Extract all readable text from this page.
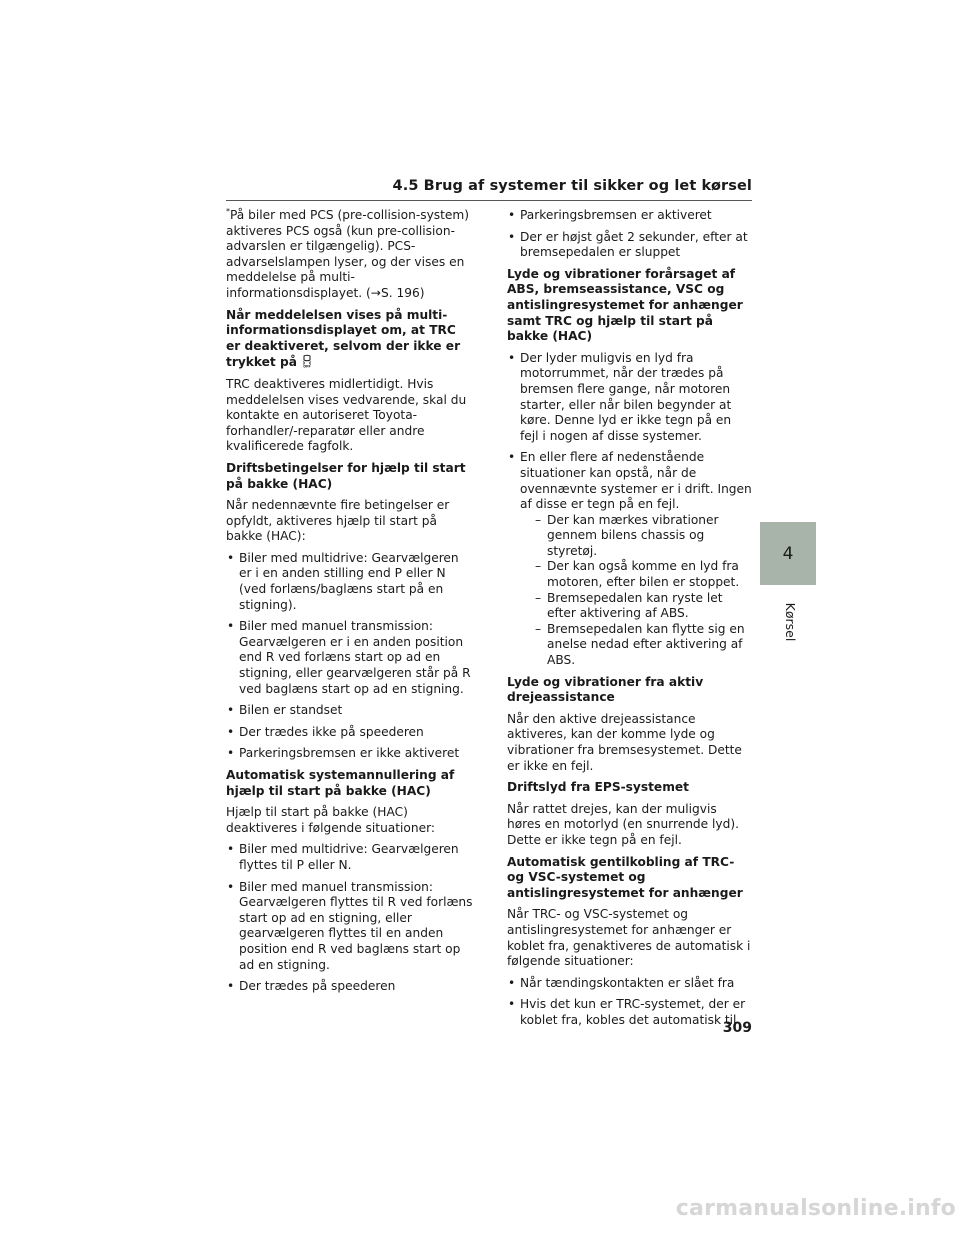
4.5 Brug af systemer til sikker og let kørsel

*På biler med PCS (pre-collision-system) aktiveres PCS også (kun pre-collision-advarslen er tilgængelig). PCS-advarselslampen lyser, og der vises en meddelelse på multi-informationsdisplayet. (→S. 196)

Når meddelelsen vises på multi-informationsdisplayet om, at TRC er deaktiveret, selvom der ikke er trykket på OFF

TRC deaktiveres midlertidigt. Hvis meddelelsen vises vedvarende, skal du kontakte en autoriseret Toyota-forhandler/-reparatør eller andre kvalificerede fagfolk.

Driftsbetingelser for hjælp til start på bakke (HAC)

Når nedennævnte fire betingelser er opfyldt, aktiveres hjælp til start på bakke (HAC):

• Biler med multidrive: Gearvælgeren er i en anden stilling end P eller N (ved forlæns/baglæns start på en stigning).
• Biler med manuel transmission: Gearvælgeren er i en anden position end R ved forlæns start op ad en stigning, eller gearvælgeren står på R ved baglæns start op ad en stigning.
• Bilen er standset
• Der trædes ikke på speederen
• Parkeringsbremsen er ikke aktiveret

Automatisk systemannullering af hjælp til start på bakke (HAC)

Hjælp til start på bakke (HAC) deaktiveres i følgende situationer:

• Biler med multidrive: Gearvælgeren flyttes til P eller N.
• Biler med manuel transmission: Gearvælgeren flyttes til R ved forlæns start op ad en stigning, eller gearvælgeren flyttes til en anden position end R ved baglæns start op ad en stigning.
• Der trædes på speederen
• Parkeringsbremsen er aktiveret
• Der er højst gået 2 sekunder, efter at bremsepedalen er sluppet

Lyde og vibrationer forårsaget af ABS, bremseassistance, VSC og antislingresystemet for anhænger samt TRC og hjælp til start på bakke (HAC)

• Der lyder muligvis en lyd fra motorrummet, når der trædes på bremsen flere gange, når motoren starter, eller når bilen begynder at køre. Denne lyd er ikke tegn på en fejl i nogen af disse systemer.
• En eller flere af nedenstående situationer kan opstå, når de ovennævnte systemer er i drift. Ingen af disse er tegn på en fejl.
– Der kan mærkes vibrationer gennem bilens chassis og styretøj.
– Der kan også komme en lyd fra motoren, efter bilen er stoppet.
– Bremsepedalen kan ryste let efter aktivering af ABS.
– Bremsepedalen kan flytte sig en anelse nedad efter aktivering af ABS.

Lyde og vibrationer fra aktiv drejeassistance

Når den aktive drejeassistance aktiveres, kan der komme lyde og vibrationer fra bremsesystemet. Dette er ikke en fejl.

Driftslyd fra EPS-systemet

Når rattet drejes, kan der muligvis høres en motorlyd (en snurrende lyd). Dette er ikke tegn på en fejl.

Automatisk gentilkobling af TRC- og VSC-systemet og antislingresystemet for anhænger

Når TRC- og VSC-systemet og antislingresystemet for anhænger er koblet fra, genaktiveres de automatisk i følgende situationer:

• Når tændingskontakten er slået fra
• Hvis det kun er TRC-systemet, der er koblet fra, kobles det automatisk til
4
Kørsel
309
carmanualsonline.info
